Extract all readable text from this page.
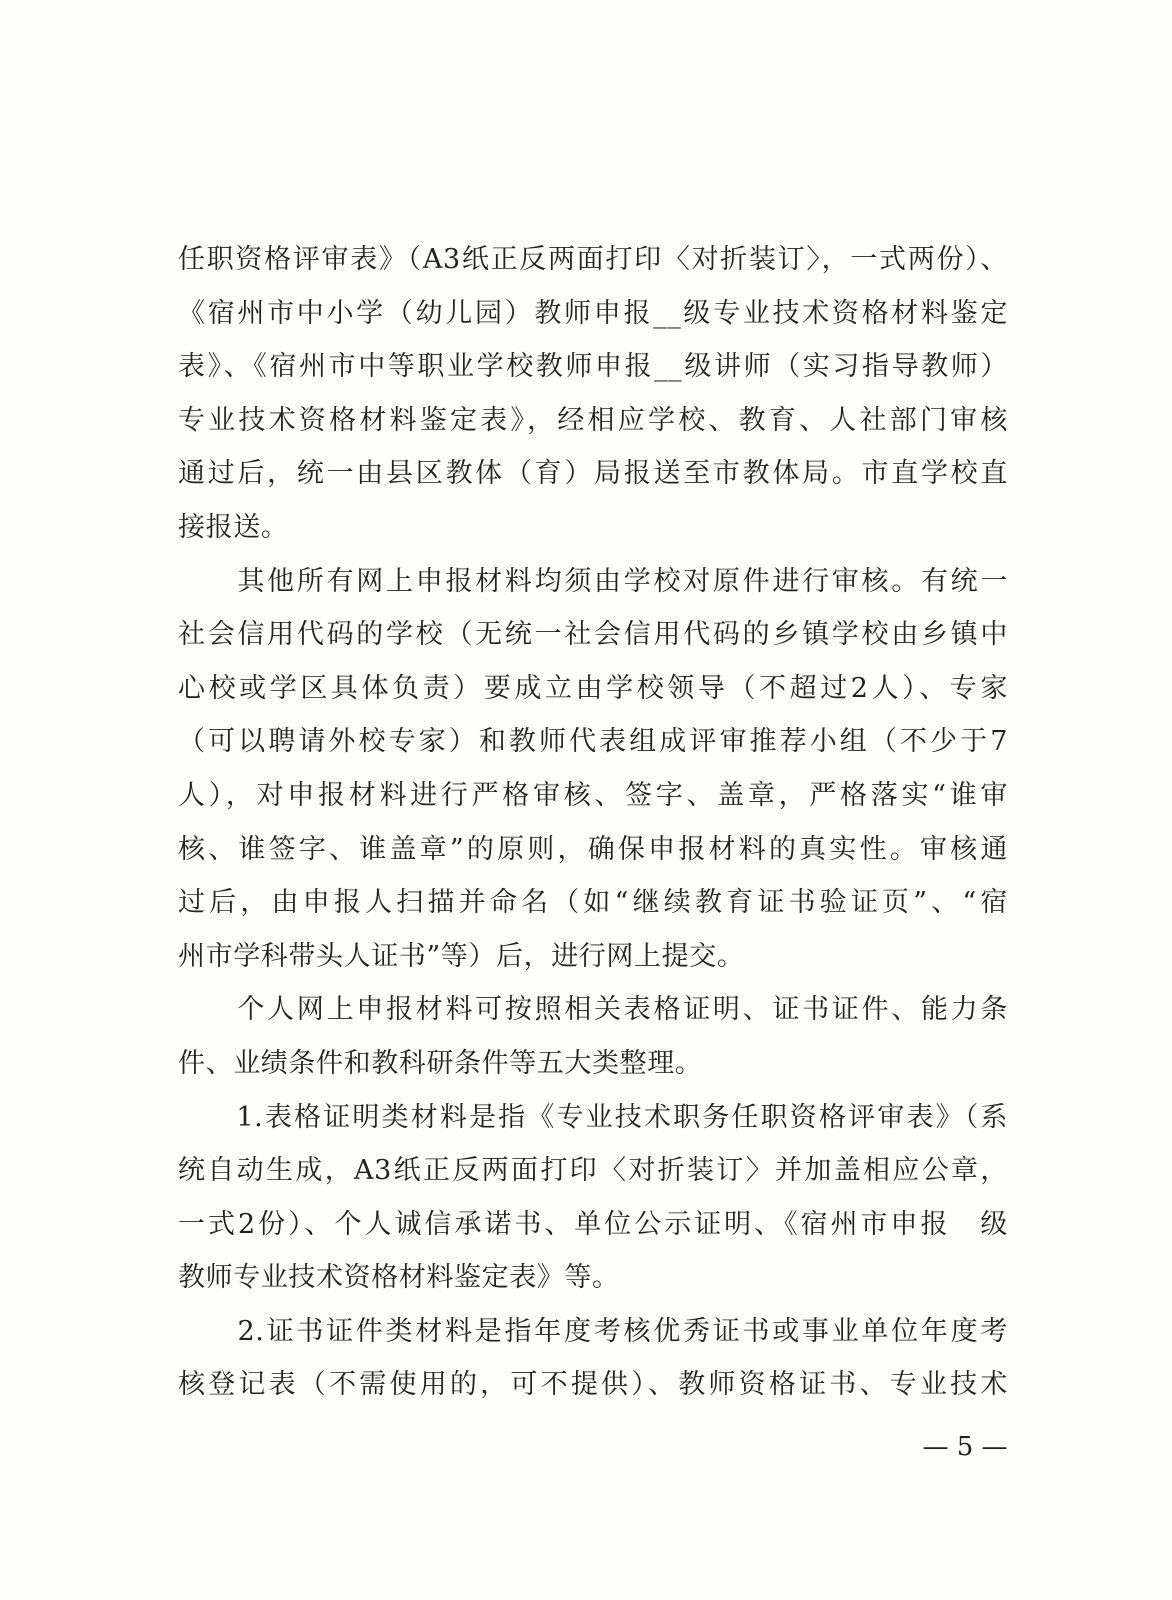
任职资格评审表》（A3纸正反两面打印〈对折装订〉，一式两份）、
《宿州市中小学（幼儿园）教师申报__级专业技术资格材料鉴定
表》、《宿州市中等职业学校教师申报__级讲师（实习指导教师）
专业技术资格材料鉴定表》，经相应学校、教育、人社部门审核
通过后，统一由县区教体（育）局报送至市教体局。市直学校直
接报送。
　　其他所有网上申报材料均须由学校对原件进行审核。有统一
社会信用代码的学校（无统一社会信用代码的乡镇学校由乡镇中
心校或学区具体负责）要成立由学校领导（不超过2人）、专家
（可以聘请外校专家）和教师代表组成评审推荐小组（不少于7
人），对申报材料进行严格审核、签字、盖章，严格落实“谁审
核、谁签字、谁盖章”的原则，确保申报材料的真实性。审核通
过后，由申报人扫描并命名（如“继续教育证书验证页”、“宿
州市学科带头人证书”等）后，进行网上提交。
　　个人网上申报材料可按照相关表格证明、证书证件、能力条
件、业绩条件和教科研条件等五大类整理。
　　1.表格证明类材料是指《专业技术职务任职资格评审表》（系
统自动生成，A3纸正反两面打印〈对折装订〉并加盖相应公章，
一式2份）、个人诚信承诺书、单位公示证明、《宿州市申报　级
教师专业技术资格材料鉴定表》等。
　　2.证书证件类材料是指年度考核优秀证书或事业单位年度考
核登记表（不需使用的，可不提供）、教师资格证书、专业技术
— 5 —
